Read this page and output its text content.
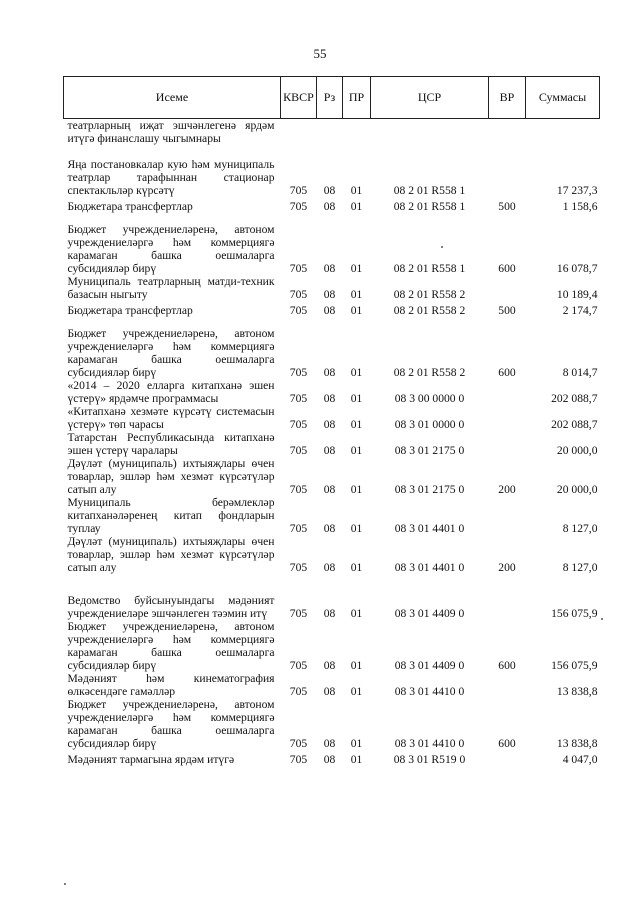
55
Исеме	КВСР	Рз	ПР	ЦСР	ВР	Суммасы
театрларның иҗат эшчәнлегенә ярдәм итүгә финанслашу чыгымнары						
Яңа постановкалар кую һәм муниципаль театрлар тарафыннан стационар спектакльләр күрсәтү	705	08	01	08 2 01 R558 1		17 237,3
Бюджетара трансфертлар	705	08	01	08 2 01 R558 1	500	1 158,6
Бюджет учреждениеләренә, автоном учреждениеләргә һәм коммерциягә карамаган башка оешмаларга субсидияләр бирү	705	08	01	08 2 01 R558 1	600	16 078,7
Муниципаль театрларның матди-техник базасын ныгыту	705	08	01	08 2 01 R558 2		10 189,4
Бюджетара трансфертлар	705	08	01	08 2 01 R558 2	500	2 174,7
Бюджет учреждениеләренә, автоном учреждениеләргә һәм коммерциягә карамаган башка оешмаларга субсидияләр бирү	705	08	01	08 2 01 R558 2	600	8 014,7
«2014 – 2020 елларга китапханә эшен үстерү» ярдәмче программасы	705	08	01	08 3 00 0000 0		202 088,7
«Китапханә хезмәте күрсәтү системасын үстерү» төп чарасы	705	08	01	08 3 01 0000 0		202 088,7
Татарстан Республикасында китапханә эшен үстерү чаралары	705	08	01	08 3 01 2175 0		20 000,0
Дәүләт (муниципаль) ихтыяҗлары өчен товарлар, эшләр һәм хезмәт күрсәтүләр сатып алу	705	08	01	08 3 01 2175 0	200	20 000,0
Муниципаль берәмлекләр китапханәләренең китап фондларын туплау	705	08	01	08 3 01 4401 0		8 127,0
Дәүләт (муниципаль) ихтыяҗлары өчен товарлар, эшләр һәм хезмәт күрсәтүләр сатып алу	705	08	01	08 3 01 4401 0	200	8 127,0
Ведомство буйсынуындагы мәдәният учреждениеләре эшчәнлеген тәэмин итү	705	08	01	08 3 01 4409 0		156 075,9
Бюджет учреждениеләренә, автоном учреждениеләргә һәм коммерциягә карамаган башка оешмаларга субсидияләр бирү	705	08	01	08 3 01 4409 0	600	156 075,9
Мәдәният һәм кинематография өлкәсендәге гамәлләр	705	08	01	08 3 01 4410 0		13 838,8
Бюджет учреждениеләренә, автоном учреждениеләргә һәм коммерциягә карамаган башка оешмаларга субсидияләр бирү	705	08	01	08 3 01 4410 0	600	13 838,8
Мәдәният тармагына ярдәм итүгә	705	08	01	08 3 01 R519 0		4 047,0
